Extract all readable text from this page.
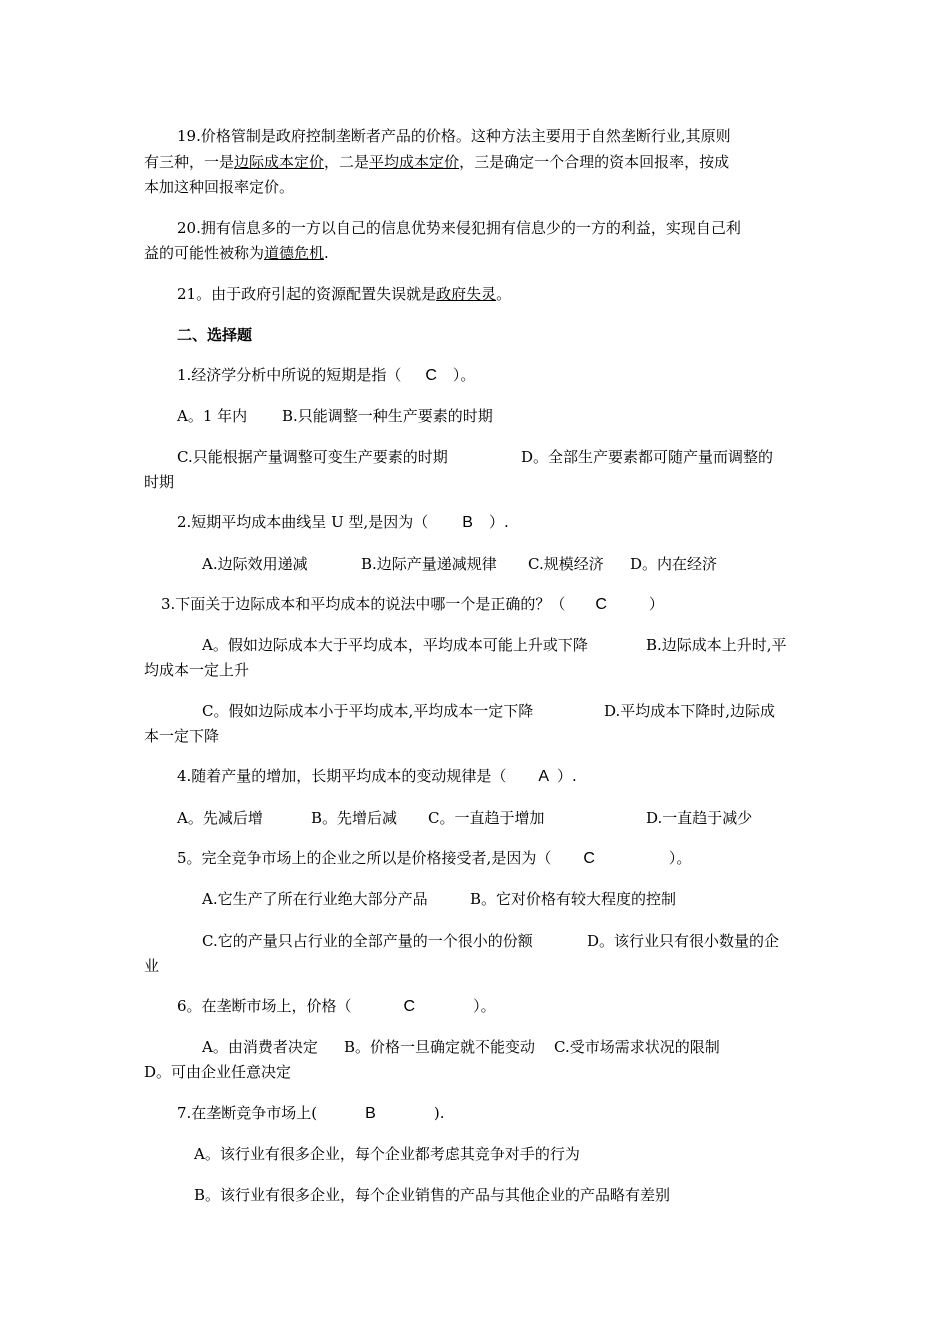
19.价格管制是政府控制垄断者产品的价格。这种方法主要用于自然垄断行业,其原则
有三种，一是边际成本定价，二是平均成本定价，三是确定一个合理的资本回报率，按成
本加这种回报率定价。
20.拥有信息多的一方以自己的信息优势来侵犯拥有信息少的一方的利益，实现自己利
益的可能性被称为道德危机.
21。由于政府引起的资源配置失误就是政府失灵。
二、选择题
1.经济学分析中所说的短期是指（ C ）。
A。1 年内 B.只能调整一种生产要素的时期
C.只能根据产量调整可变生产要素的时期	D。全部生产要素都可随产量而调整的
时期
2.短期平均成本曲线呈 U 型,是因为（ B ）.
A.边际效用递减	B.边际产量递减规律 C.规模经济 D。内在经济
3.下面关于边际成本和平均成本的说法中哪一个是正确的？（ C	）
A。假如边际成本大于平均成本，平均成本可能上升或下降	B.边际成本上升时,平
均成本一定上升
C。假如边际成本小于平均成本,平均成本一定下降	D.平均成本下降时,边际成
本一定下降
4.随着产量的增加，长期平均成本的变动规律是（ A ）.
A。先减后增	B。先增后减 C。一直趋于增加	D.一直趋于减少
5。完全竞争市场上的企业之所以是价格接受者,是因为（ C	）。
A.它生产了所在行业绝大部分产品	B。它对价格有较大程度的控制
C.它的产量只占行业的全部产量的一个很小的份额	D。该行业只有很小数量的企
业
6。在垄断市场上，价格（	C	）。
A。由消费者决定 B。价格一旦确定就不能变动 C.受市场需求状况的限制
D。可由企业任意决定
7.在垄断竞争市场上(	B	).
A。该行业有很多企业，每个企业都考虑其竞争对手的行为
B。该行业有很多企业，每个企业销售的产品与其他企业的产品略有差别
